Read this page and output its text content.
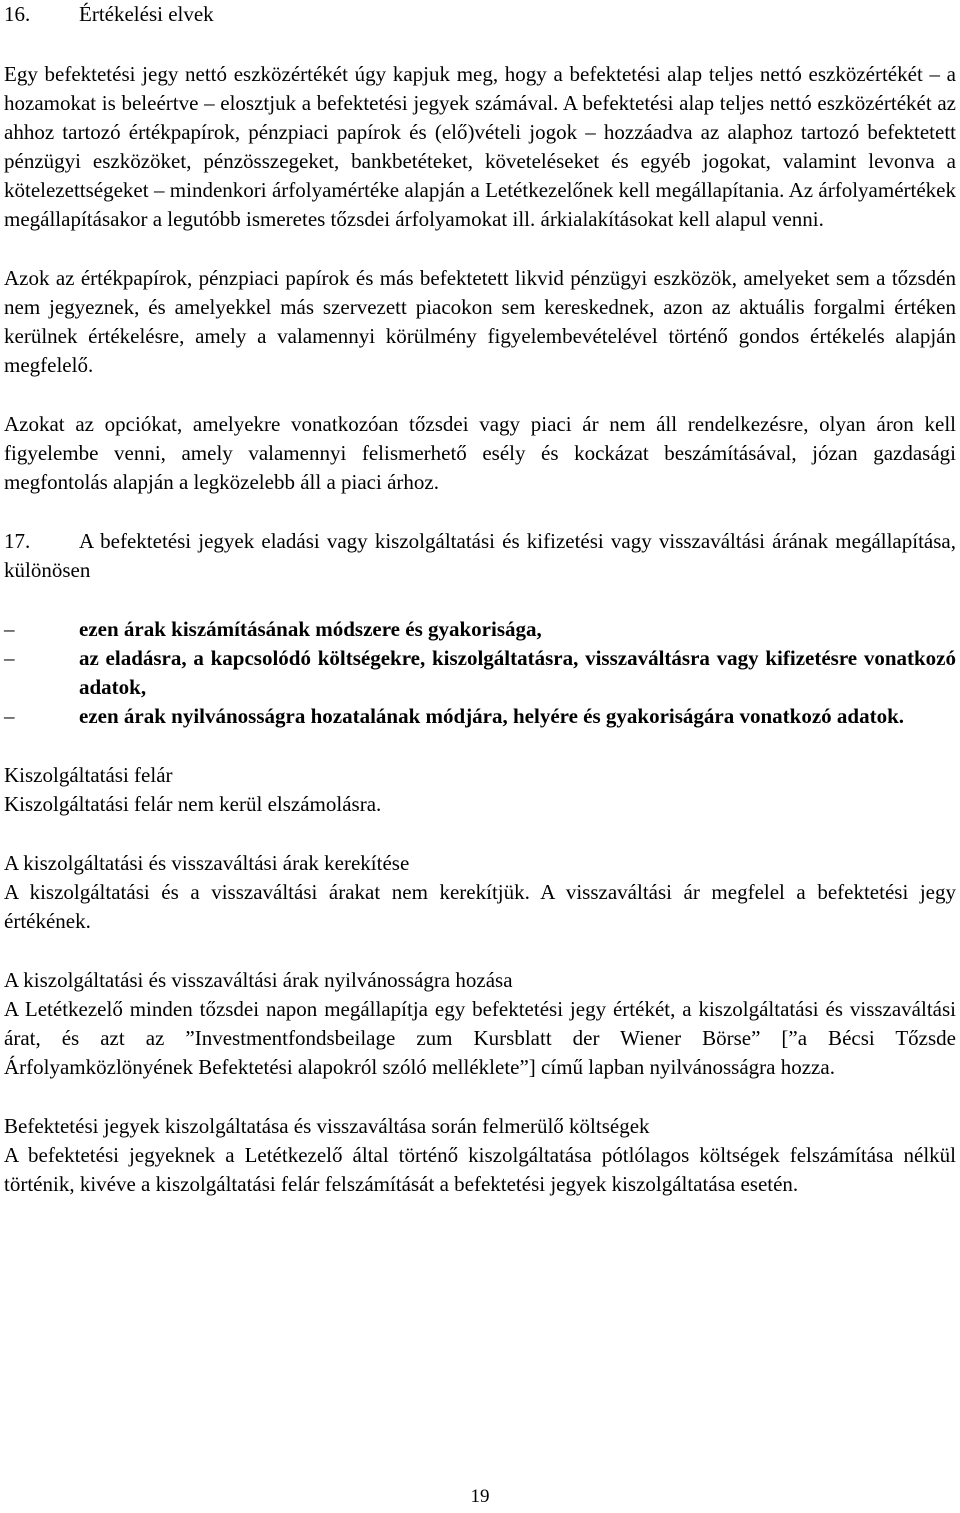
16.	Értékelési elvek

Egy befektetési jegy nettó eszközértékét úgy kapjuk meg, hogy a befektetési alap teljes nettó eszközértékét – a hozamokat is beleértve – elosztjuk a befektetési jegyek számával. A befektetési alap teljes nettó eszközértékét az ahhoz tartozó értékpapírok, pénzpiaci papírok és (elő)vételi jogok – hozzáadva az alaphoz tartozó befektetett pénzügyi eszközöket, pénzösszegeket, bankbetéteket, követeléseket és egyéb jogokat, valamint levonva a kötelezettségeket – mindenkori árfolyamértéke alapján a Letétkezelőnek kell megállapítania. Az árfolyamértékek megállapításakor a legutóbb ismeretes tőzsdei árfolyamokat ill. árkialakításokat kell alapul venni.

Azok az értékpapírok, pénzpiaci papírok és más befektetett likvid pénzügyi eszközök, amelyeket sem a tőzsdén nem jegyeznek, és amelyekkel más szervezett piacokon sem kereskednek, azon az aktuális forgalmi értéken kerülnek értékelésre, amely a valamennyi körülmény figyelembevételével történő gondos értékelés alapján megfelelő.

Azokat az opciókat, amelyekre vonatkozóan tőzsdei vagy piaci ár nem áll rendelkezésre, olyan áron kell figyelembe venni, amely valamennyi felismerhető esély és kockázat beszámításával, józan gazdasági megfontolás alapján a legközelebb áll a piaci árhoz.

17. A befektetési jegyek eladási vagy kiszolgáltatási és kifizetési vagy visszaváltási árának megállapítása, különösen
–	ezen árak kiszámításának módszere és gyakorisága,
–	az eladásra, a kapcsolódó költségekre, kiszolgáltatásra, visszaváltásra vagy kifizetésre vonatkozó adatok,
–	ezen árak nyilvánosságra hozatalának módjára, helyére és gyakoriságára vonatkozó adatok.

Kiszolgáltatási felár

Kiszolgáltatási felár nem kerül elszámolásra.

A kiszolgáltatási és visszaváltási árak kerekítése

A kiszolgáltatási és a visszaváltási árakat nem kerekítjük. A visszaváltási ár megfelel a befektetési jegy értékének.

A kiszolgáltatási és visszaváltási árak nyilvánosságra hozása

A Letétkezelő minden tőzsdei napon megállapítja egy befektetési jegy értékét, a kiszolgáltatási és visszaváltási árat, és azt az ”Investmentfondsbeilage zum Kursblatt der Wiener Börse” [”a Bécsi Tőzsde Árfolyamközlönyének Befektetési alapokról szóló melléklete”] című lapban nyilvánosságra hozza.

Befektetési jegyek kiszolgáltatása és visszaváltása során felmerülő költségek

A befektetési jegyeknek a Letétkezelő által történő kiszolgáltatása pótlólagos költségek felszámítása nélkül történik, kivéve a kiszolgáltatási felár felszámítását a befektetési jegyek kiszolgáltatása esetén.

19
